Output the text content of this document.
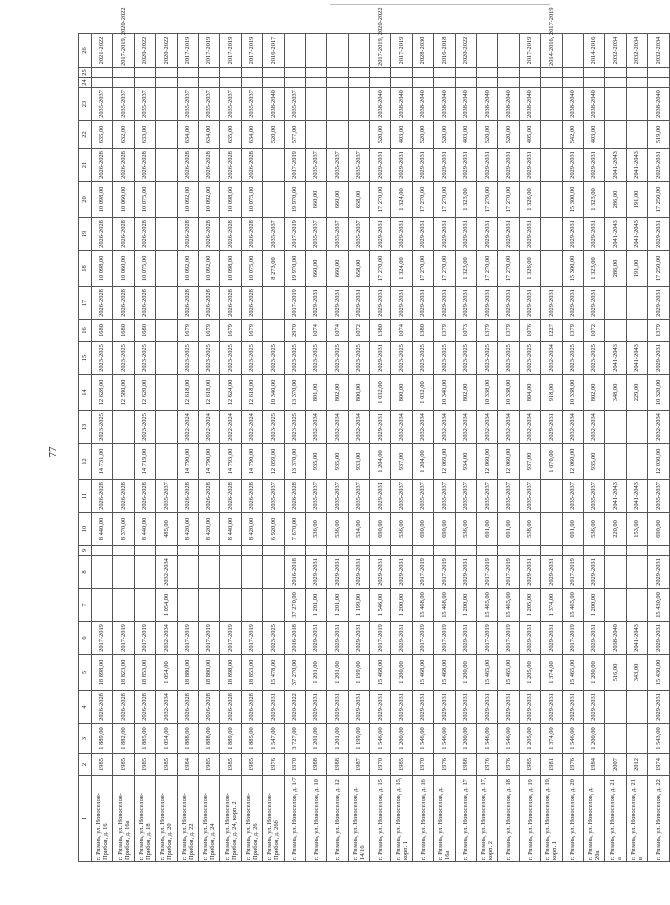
77
1	2	3	4	5	6	7	8	9	10	11	12	13	14	15	16	17	18	19	20	21	22	23	24	25	26
г. Рязань, ул. Новоселов-Прибоя, д. 16	1985	1 889,00	2026-2028	18 898,00	2017-2019				8 440,00	2026-2028	14 731,00	2023-2025	12 628,00	2023-2025	1680	2026-2028	10 098,00	2026-2028	10 098,00	2026-2028	635,00	2035-2037			2021-2022
г. Рязань, ул. Новоселов-Прибоя, д. 16а	1985	1 882,00	2026-2028	18 823,00	2017-2019				8 370,00	2026-2028			12 580,00	2023-2025	1680	2026-2028	10 060,00	2026-2028	10 060,00	2026-2028	632,00	2035-2037			2017-2019, 2020-2022
г. Рязань, ул. Новоселов-Прибоя, д. 18	1985	1 885,00	2026-2028	18 853,00	2017-2019				8 440,00	2026-2028	14 719,00	2023-2025	12 620,00	2023-2025	1680	2026-2028	10 075,00	2026-2028	10 075,00	2026-2028	633,00	2035-2037			2020-2022
г. Рязань, ул. Новоселов-Прибоя, д. 20	1985	1 054,00	2032-2034	1 054,00	2032-2034	1 054,00	2032-2034		485,00	2035-2037															2020-2022
г. Рязань, ул. Новоселов-Прибоя, д. 22	1984	1 888,00	2026-2028	18 880,00	2017-2019				8 420,00	2026-2028	14 790,00	2022-2024	12 618,00	2023-2025	1679	2026-2028	10 092,00	2026-2028	10 092,00	2026-2028	634,00	2035-2037			2017-2019
г. Рязань, ул. Новоселов-Прибоя, д. 24	1985	1 888,00	2026-2028	18 880,00	2017-2019				8 420,00	2026-2028	14 790,00	2022-2024	12 618,00	2023-2025	1679	2026-2028	10 092,00	2026-2028	10 092,00	2026-2028	634,00	2035-2037			2017-2019
г. Рязань, ул. Новоселов-Прибоя, д. 24, корп. 2	1985	1 889,00	2026-2028	18 898,00	2017-2019				8 440,00	2026-2028	14 793,00	2022-2024	12 624,00	2023-2025	1679	2026-2028	10 098,00	2026-2028	10 098,00	2026-2028	635,00	2035-2037			2017-2019
г. Рязань, ул. Новоселов-Прибоя, д. 26	1985	1 885,00	2026-2028	18 853,00	2017-2019				8 420,00	2026-2028	14 790,00	2022-2024	12 618,00	2023-2025	1679	2026-2028	10 075,00	2026-2028	10 075,00	2026-2028	634,00	2035-2037			2017-2019
г. Рязань, ул. Новоселов-Прибоя, д. 26б	1976	1 547,00	2029-2031	15 478,00	2023-2025				6 920,00	2035-2037	12 059,00	2023-2025	10 340,00	2023-2025			8 273,00	2035-2037			520,00	2038-2040			2016-2017
г. Рязань, ул. Новоселов, д. 1/7	1970	3 727,00	2020-2022	37 270,00	2016-2018	37 270,00	2016-2018		7 670,00	2026-2028	13 370,00	2023-2025	13 370,00	2023-2025	2970	2017-2019	19 970,00	2017-2019	19 970,00	2017-2019	577,00	2035-2037			
г. Рязань, ул. Новоселов, д. 10	1988	1 201,00	2029-2031	1 201,00	2029-2031	1 201,00	2029-2031		536,00	2035-2037	935,00	2032-2034	801,00	2023-2025	1074	2029-2031	660,00	2035-2037	660,00	2035-2037					
г. Рязань, ул. Новоселов, д. 12	1988	1 201,00	2029-2031	1 201,00	2029-2031	1 201,00	2029-2031		536,00	2035-2037	935,00	2032-2034	802,00	2023-2025	1074	2029-2031	660,00	2035-2037	660,00	2035-2037					
г. Рязань, ул. Новоселов, д. 14/16	1987	1 199,00	2029-2031	1 199,00	2029-2031	1 199,00	2029-2031		534,00	2035-2037	933,00	2032-2034	800,00	2023-2025	1072	2029-2031	658,00	2035-2037	658,00	2035-2037					
г. Рязань, ул. Новоселов, д. 15	1970	1 546,00	2029-2031	15 468,00	2017-2019	1 546,00	2029-2031		690,00	2029-2031	1 204,00	2029-2031	1 032,00	2029-2031	1380	2029-2031	17 270,00	2029-2031	17 270,00	2029-2031	520,00	2038-2040			2017-2019, 2020-2022
г. Рязань, ул. Новоселов, д. 15, корп. 1	1985	1 200,00	2029-2031	1 200,00	2029-2031	1 200,00	2029-2031		536,00	2035-2037	937,00	2032-2034	800,00	2023-2025	1074	2029-2031	1 324,00	2029-2031	1 324,00	2029-2031	403,00	2038-2040			2017-2019
г. Рязань, ул. Новоселов, д. 16	1970	1 546,00	2029-2031	15 468,00	2017-2019	15 468,00	2017-2019		690,00	2035-2037	1 204,00	2032-2034	1 032,00	2023-2025	1380	2029-2031	17 270,00	2029-2031	17 270,00	2029-2031	520,00	2038-2040			2028-2030
г. Рязань, ул. Новоселов, д. 16а	1976	1 546,00	2029-2031	15 468,00	2017-2019	15 468,00	2017-2019		690,00	2035-2037	12 069,00	2032-2034	10 340,00	2023-2025	1379	2029-2031	17 270,00	2029-2031	17 270,00	2029-2031	520,00	2038-2040			2016-2018
г. Рязань, ул. Новоселов, д. 17	1988	1 200,00	2029-2031	1 200,00	2029-2031	1 200,00	2029-2031		536,00	2035-2037	934,00	2032-2034	802,00	2023-2025	1073	2029-2031	1 323,00	2029-2031	1 323,00	2029-2031	403,00	2038-2040			2020-2022
г. Рязань, ул. Новоселов, д. 17, корп. 2	1976	1 546,00	2029-2031	15 465,00	2017-2019	15 465,00	2017-2019		691,00	2035-2037	12 060,00	2032-2034	10 338,00	2023-2025	1379	2029-2031	17 270,00	2029-2031	17 270,00	2029-2031	520,00	2038-2040			
г. Рязань, ул. Новоселов, д. 18	1976	1 546,00	2029-2031	15 465,00	2017-2019	15 465,00	2017-2019		691,00	2035-2037	12 060,00	2032-2034	10 338,00	2023-2025	1379	2029-2031	17 270,00	2029-2031	17 270,00	2029-2031	520,00	2038-2040			
г. Рязань, ул. Новоселов, д. 19	1985	1 205,00	2029-2031	1 205,00	2029-2031	1 205,00	2029-2031		538,00	2035-2037	937,00	2032-2034	804,00	2023-2025	1076	2029-2031	1 326,00	2029-2031	1 326,00	2029-2031	405,00	2038-2040			2017-2019
г. Рязань, ул. Новоселов, д. 19, корп. 1	1981	1 374,00	2029-2031	1 374,00	2029-2031	1 374,00	2029-2031				1 070,00	2029-2031	918,00	2032-2034	1227	2029-2031									2014-2016, 2017-2019
г. Рязань, ул. Новоселов, д. 20	1976	1 546,00	2029-2031	15 465,00	2017-2019	15 465,00	2017-2019		691,00	2035-2037	12 060,00	2032-2034	10 338,00	2023-2025	1379	2029-2031	15 300,00	2029-2031	15 300,00	2029-2031	542,00	2038-2040			
г. Рязань, ул. Новоселов, д. 20а	1984	1 200,00	2029-2031	1 200,00	2029-2031	1 200,00	2029-2031		536,00	2035-2037	935,00	2032-2034	802,00	2023-2025	1072	2029-2031	1 323,00	2029-2031	1 323,00	2029-2031	403,00	2038-2040			2014-2016
г. Рязань, ул. Новоселов, д. 21 а	2007			516,00	2038-2040				220,00	2041-2043			348,00	2041-2043			286,00	2041-2043	286,00	2041-2043					2032-2034
г. Рязань, ул. Новоселов, д. 21 в	2012			343,00	2041-2043				153,00	2041-2043			229,00	2041-2043			191,00	2041-2043	191,00	2041-2043					2032-2034
г. Рязань, ул. Новоселов, д. 22	1974	1 543,00	2029-2031	15 430,00	2029-2031	15 430,00	2029-2031		690,00	2035-2037	12 030,00	2032-2034	10 320,00	2029-2031	1379	2029-2031	17 250,00	2029-2031	17 250,00	2029-2031	519,00	2038-2040			2032-2034
